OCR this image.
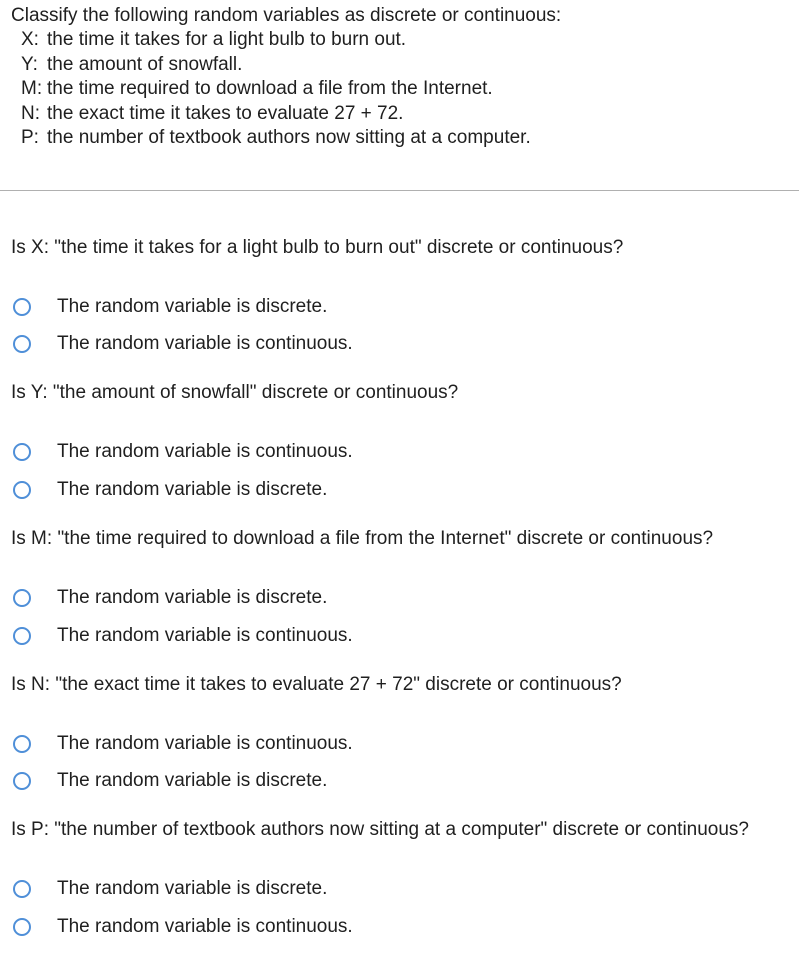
Classify the following random variables as discrete or continuous:

X: the time it takes for a light bulb to burn out.
Y: the amount of snowfall.
M: the time required to download a file from the Internet.
N: the exact time it takes to evaluate 27 + 72.
P: the number of textbook authors now sitting at a computer.

Is X: "the time it takes for a light bulb to burn out" discrete or continuous?

The random variable is discrete.
The random variable is continuous.

Is Y: "the amount of snowfall" discrete or continuous?

The random variable is continuous.
The random variable is discrete.

Is M: "the time required to download a file from the Internet" discrete or continuous?

The random variable is discrete.
The random variable is continuous.

Is N: "the exact time it takes to evaluate 27 + 72" discrete or continuous?

The random variable is continuous.
The random variable is discrete.

Is P: "the number of textbook authors now sitting at a computer" discrete or continuous?

The random variable is discrete.
The random variable is continuous.
